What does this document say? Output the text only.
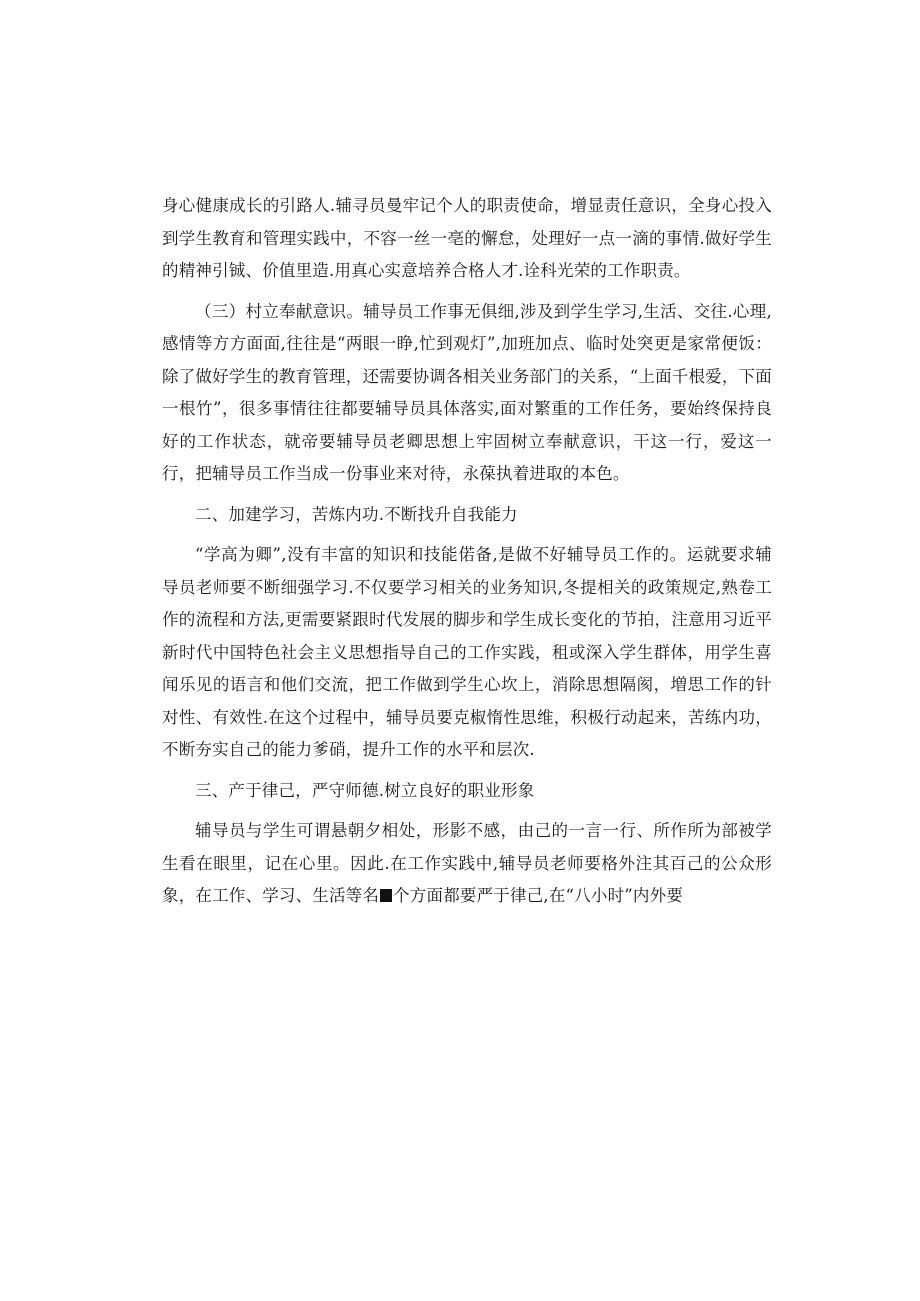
身心健康成长的引路人.辅寻员曼牢记个人的职责使命，增显责任意识，全身心投入到学生教育和管理实践中，不容一丝一亳的懈怠，处理好一点一滴的事情.做好学生的精神引铖、价值里造.用真心实意培养合格人才.诠科光荣的工作职责。

（三）村立奉献意识。辅导员工作事无俱细,涉及到学生学习,生活、交往.心理,感情等方方面面,往往是“两眼一睁,忙到观灯”,加班加点、临时处突更是家常便饭：除了做好学生的教育管理，还需要协调各相关业务部门的关系，“上面千根爱，下面一根竹”，很多事情往往都要辅导员具体落实,面对繁重的工作任务，要始终保持良好的工作状态，就帝要辅导员老卿思想上牢固树立奉献意识，干这一行，爱这一行，把辅导员工作当成一份事业来对待，永葆执着进取的本色。

二、加建学习，苦炼内功.不断找升自我能力

“学高为卿”,没有丰富的知识和技能偌备,是做不好辅导员工作的。运就要求辅导员老师要不断细强学习.不仅要学习相关的业务知识,冬提相关的政策规定,熟卷工作的流程和方法,更需要紧跟时代发展的脚步和学生成长变化的节拍，注意用习近平新时代中国特色社会主义思想指导自己的工作实践，租或深入学生群体，用学生喜闻乐见的语言和他们交流，把工作做到学生心坎上，消除思想隔阂，増思工作的针对性、有效性.在这个过程中，辅导员要克椒惰性思维，积极行动起来，苦练内功，不断夯实自己的能力爹硝，提升工作的水平和层次.

三、产于律己，严守师德.树立良好的职业形象

辅导员与学生可谓悬朝夕相处，形影不感，由己的一言一行、所作所为部被学生看在眼里，记在心里。因此.在工作实践中,辅导员老师要格外注其百己的公众形象，在工作、学习、生活等名 个方面都要严于律己,在“八小时”内外要
